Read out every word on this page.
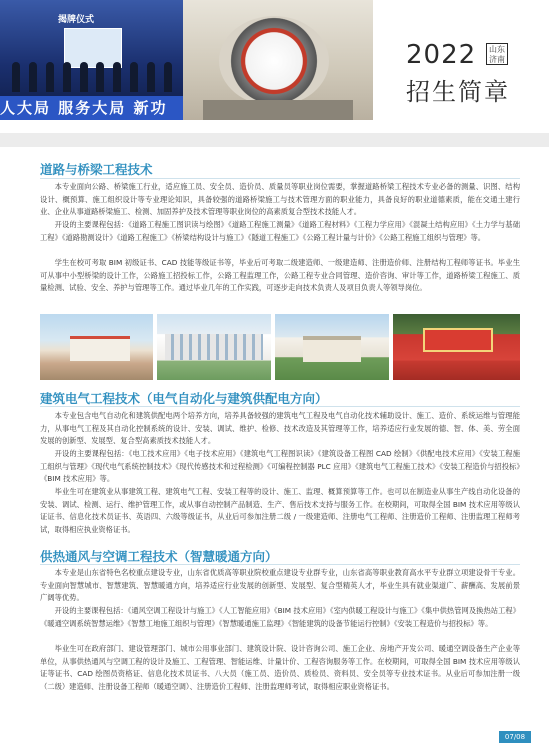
揭牌仪式
人大局 服务大局 新功
2022	山东济南
招生简章
道路与桥梁工程技术

本专业面向公路、桥梁施工行业，适应施工员、安全员、造价员、质量员等职业岗位需要，掌握道路桥梁工程技术专业必备的测量、识图、结构设计、概预算、施工组织设计等专业理论知识，具备较强的道路桥梁施工与技术管理方面的职业能力，具备良好的职业道德素质，能在交通土建行业、企业从事道路桥梁施工、检测、加固养护及技术管理等职业岗位的高素质复合型技术技能人才。

开设的主要课程包括：《道路工程施工图识读与绘图》《道路工程施工测量》《道路工程材料》《工程力学应用》《混凝土结构应用》《土力学与基础工程》《道路勘测设计》《道路工程施工》《桥梁结构设计与施工》《隧道工程施工》《公路工程计量与计价》《公路工程施工组织与管理》等。

学生在校可考取 BIM 初级证书、CAD 技能等级证书等，毕业后可考取二级建造师、一级建造师、注册造价师、注册结构工程师等证书。毕业生可从事中小型桥梁的设计工作，公路施工招投标工作，公路工程监理工作，公路工程专业合同管理、造价咨询、审计等工作，道路桥梁工程施工、质量检测、试验、安全、养护与管理等工作。通过毕业几年的工作实践，可逐步走向技术负责人及项目负责人等领导岗位。

建筑电气工程技术（电气自动化与建筑供配电方向）

本专业包含电气自动化和建筑供配电两个培养方向，培养具备较强的建筑电气工程及电气自动化技术辅助设计、施工、造价、系统运维与管理能力，从事电气工程及其自动化控制系统的设计、安装、调试、维护、检修、技术改造及其管理等工作，培养适应行业发展的德、智、体、美、劳全面发展的创新型、发展型、复合型高素质技术技能人才。

开设的主要课程包括：《电工技术应用》《电子技术应用》《建筑电气工程图识读》《建筑设备工程图 CAD 绘制》《供配电技术应用》《安装工程施工组织与管理》《现代电气系统控制技术》《现代传感技术和过程检测》《可编程控制器 PLC 应用》《建筑电气工程施工技术》《安装工程造价与招投标》《BIM 技术应用》等。

毕业生可在建筑业从事建筑工程、建筑电气工程、安装工程等的设计、施工、监理、概算预算等工作。也可以在制造业从事生产线自动化设备的安装、调试、检测、运行、维护管理工作，或从事自动控制产品制造、生产、售后技术支持与服务工作。在校期间，可取得全国 BIM 技术应用等级认证证书、信息化技术员证书、英语四、六级等级证书，从业后可参加注册二级 / 一级建造师、注册电气工程师、注册造价工程师、注册监理工程师考试，取得相应执业资格证书。

供热通风与空调工程技术（智慧暖通方向）

本专业是山东省特色名校重点建设专业，山东省优质高等职业院校重点建设专业群专业，山东省高等职业教育高水平专业群立项建设骨干专业。专业面向智慧城市、智慧建筑、智慧暖通方向，培养适应行业发展的创新型、发展型、复合型精英人才，毕业生具有就业渠道广、薪酬高、发展前景广阔等优势。

开设的主要课程包括：《通风空调工程设计与施工》《人工智能应用》《BIM 技术应用》《室内供暖工程设计与施工》《集中供热管网及换热站工程》《暖通空调系统智慧运维》《智慧工地施工组织与管理》《智慧暖通施工监理》《智能建筑的设备节能运行控制》《安装工程造价与招投标》等。

毕业生可在政府部门、建设管理部门、城市公用事业部门、建筑设计院、设计咨询公司、施工企业、房地产开发公司、暖通空调设备生产企业等单位，从事供热通风与空调工程的设计及施工、工程管理、智能运维、计量计价、工程咨询服务等工作。在校期间，可取得全国 BIM 技术应用等级认证等证书、CAD 绘图员资格证、信息化技术员证书、八大员（施工员、造价员、质检员、资料员、安全员等专业技术证书。从业后可参加注册一级（二级）建造师、注册设备工程师（暖通空调）、注册造价工程师、注册监理师考试，取得相应职业资格证书。

07/08
